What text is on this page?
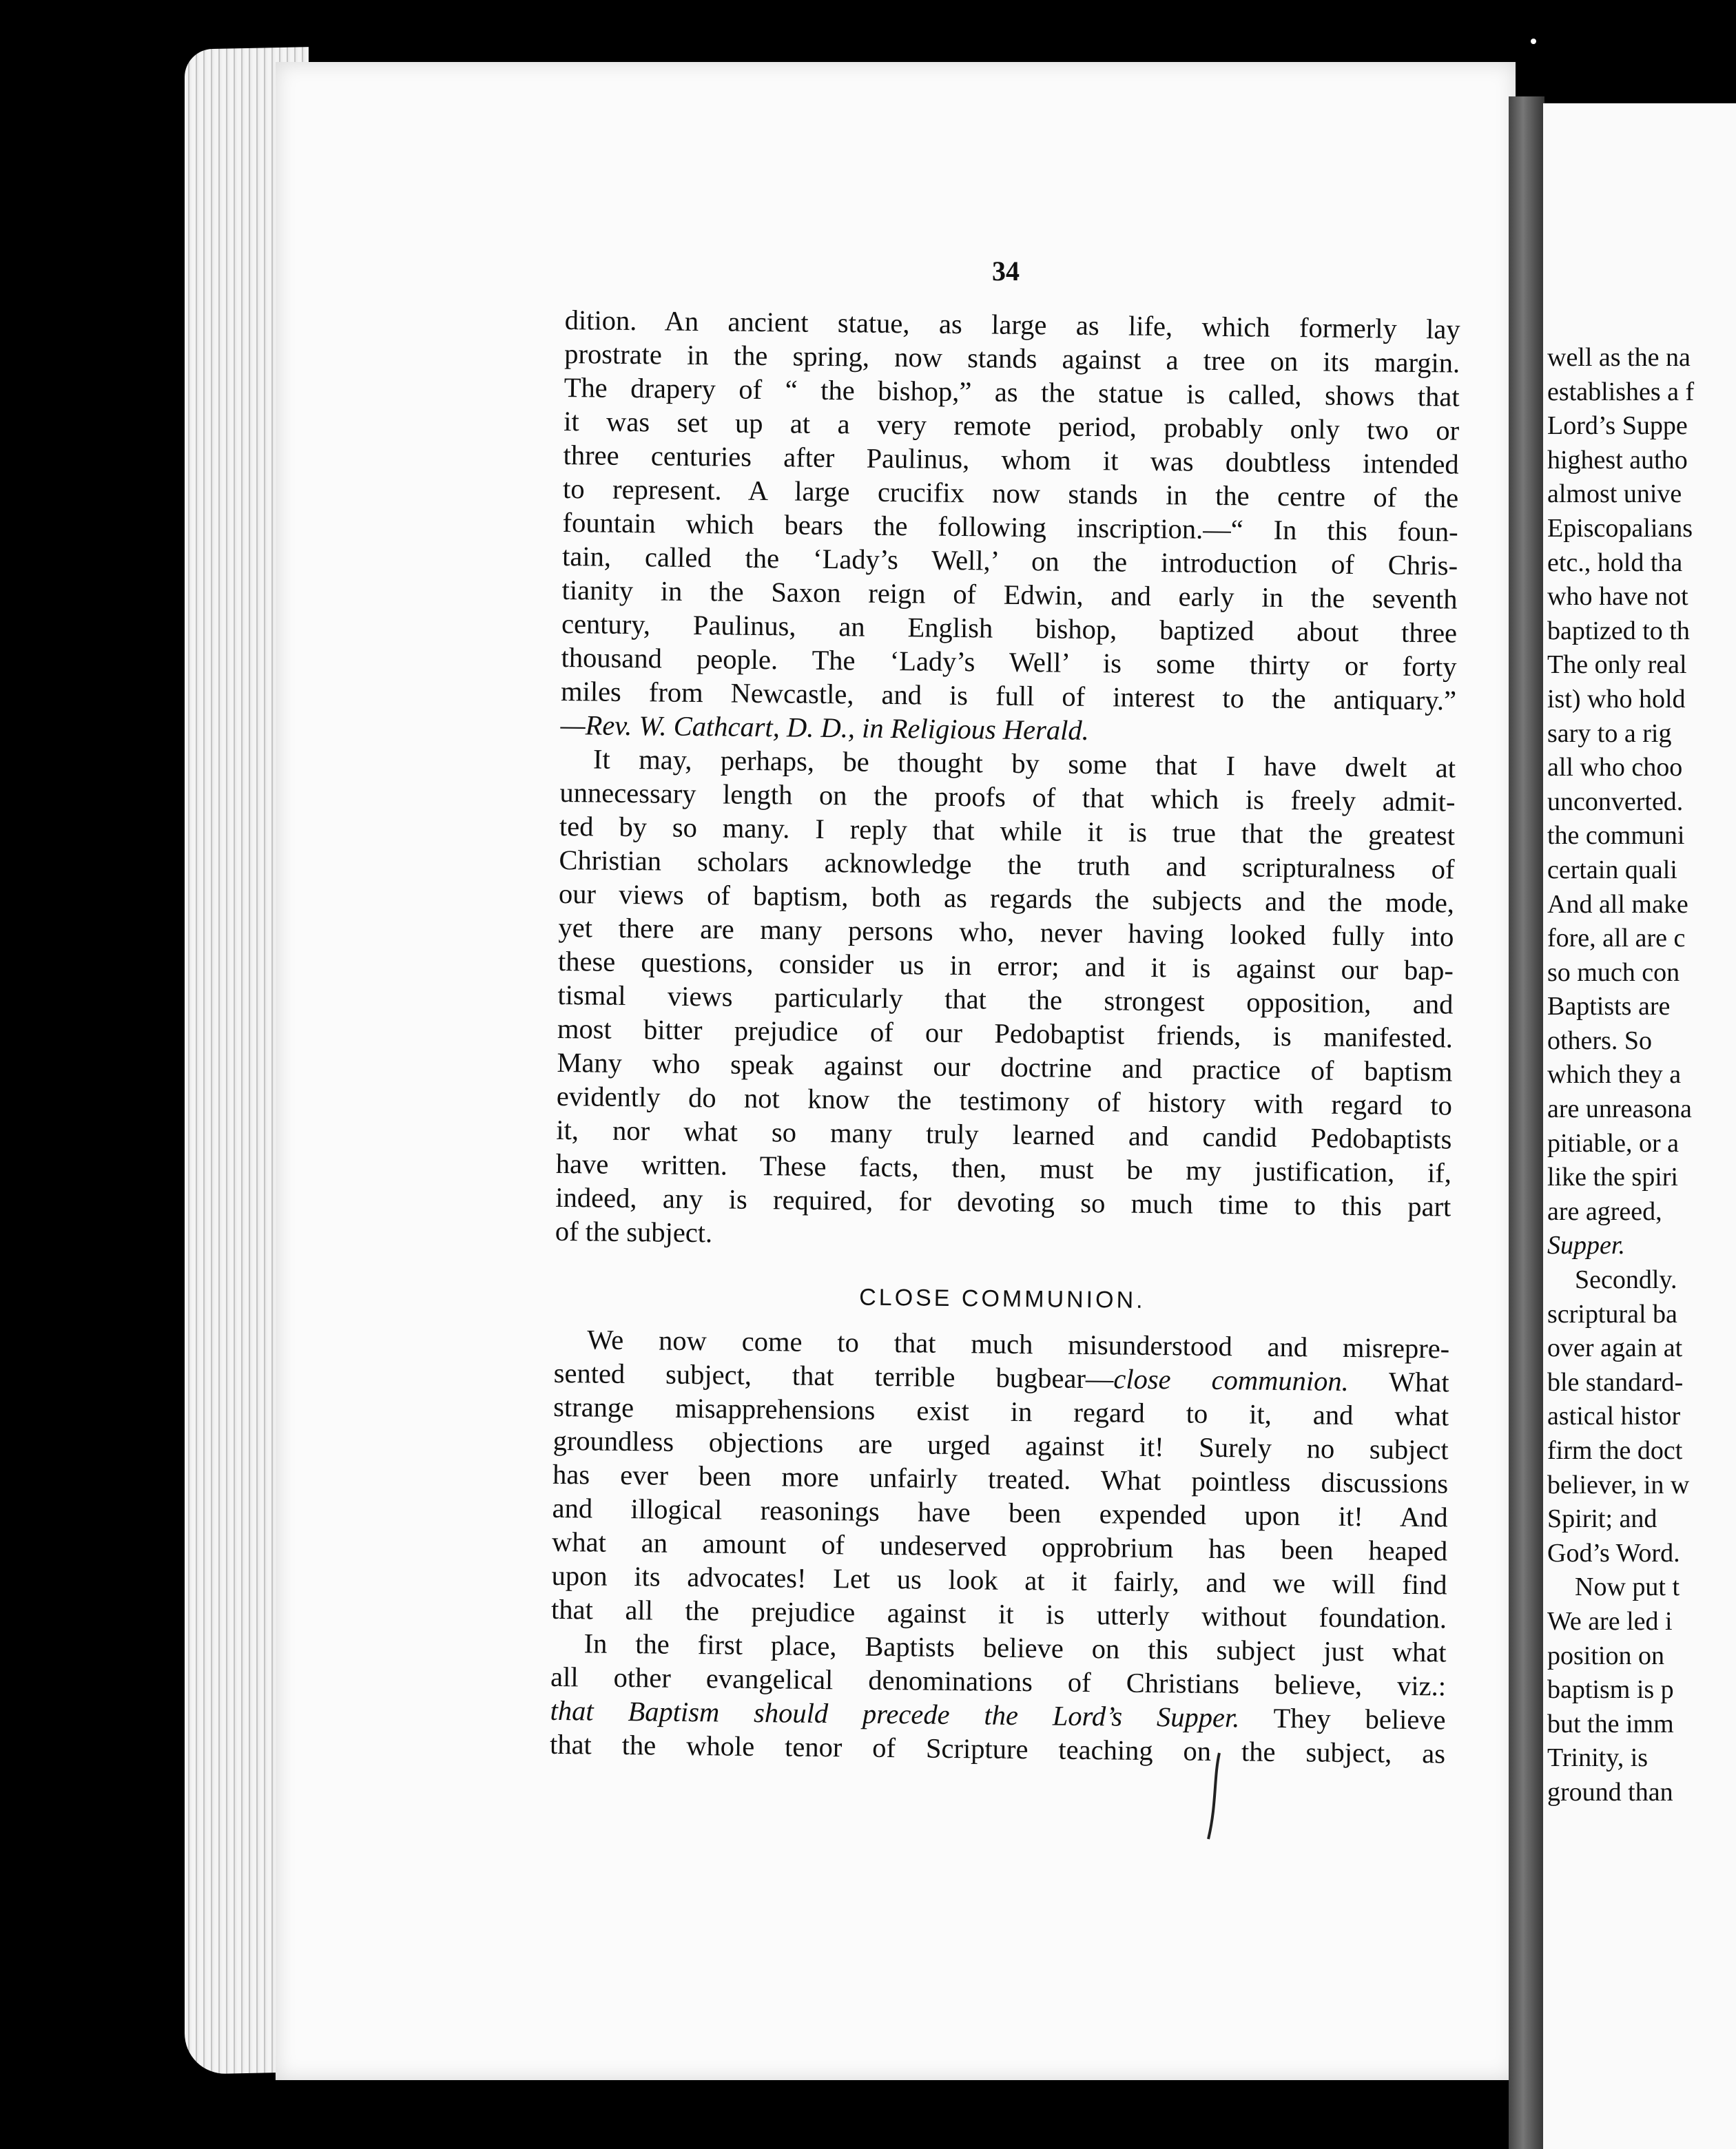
well as the na
establishes a f
Lord’s Suppe
highest autho
almost unive
Episcopalians
etc., hold tha
who have not
baptized to th
The only real
ist) who hold
sary to a rig
all who choo
unconverted.
the communi
certain quali
And all make
fore, all are c
so much con
Baptists are
others. So
which they a
are unreasona
pitiable, or a
like the spiri
are agreed,
Supper.
Secondly.
scriptural ba
over again at
ble standard-
astical histor
firm the doct
believer, in w
Spirit; and
God’s Word.
Now put t
We are led i
position on
baptism is p
but the imm
Trinity, is
ground than
34
dition. An ancient statue, as large as life, which formerly lay
prostrate in the spring, now stands against a tree on its margin.
The drapery of “ the bishop,” as the statue is called, shows that
it was set up at a very remote period, probably only two or
three centuries after Paulinus, whom it was doubtless intended
to represent. A large crucifix now stands in the centre of the
fountain which bears the following inscription.—“ In this foun-
tain, called the ‘Lady’s Well,’ on the introduction of Chris-
tianity in the Saxon reign of Edwin, and early in the seventh
century, Paulinus, an English bishop, baptized about three
thousand people. The ‘Lady’s Well’ is some thirty or forty
miles from Newcastle, and is full of interest to the antiquary.”
—Rev. W. Cathcart, D. D., in Religious Herald.
It may, perhaps, be thought by some that I have dwelt at
unnecessary length on the proofs of that which is freely admit-
ted by so many. I reply that while it is true that the greatest
Christian scholars acknowledge the truth and scripturalness of
our views of baptism, both as regards the subjects and the mode,
yet there are many persons who, never having looked fully into
these questions, consider us in error; and it is against our bap-
tismal views particularly that the strongest opposition, and
most bitter prejudice of our Pedobaptist friends, is manifested.
Many who speak against our doctrine and practice of baptism
evidently do not know the testimony of history with regard to
it, nor what so many truly learned and candid Pedobaptists
have written. These facts, then, must be my justification, if,
indeed, any is required, for devoting so much time to this part
of the subject.
CLOSE COMMUNION.
We now come to that much misunderstood and misrepre-
sented subject, that terrible bugbear—close communion. What
strange misapprehensions exist in regard to it, and what
groundless objections are urged against it! Surely no subject
has ever been more unfairly treated. What pointless discussions
and illogical reasonings have been expended upon it! And
what an amount of undeserved opprobrium has been heaped
upon its advocates! Let us look at it fairly, and we will find
that all the prejudice against it is utterly without foundation.
In the first place, Baptists believe on this subject just what
all other evangelical denominations of Christians believe, viz.:
that Baptism should precede the Lord’s Supper. They believe
that the whole tenor of Scripture teaching on the subject, as
